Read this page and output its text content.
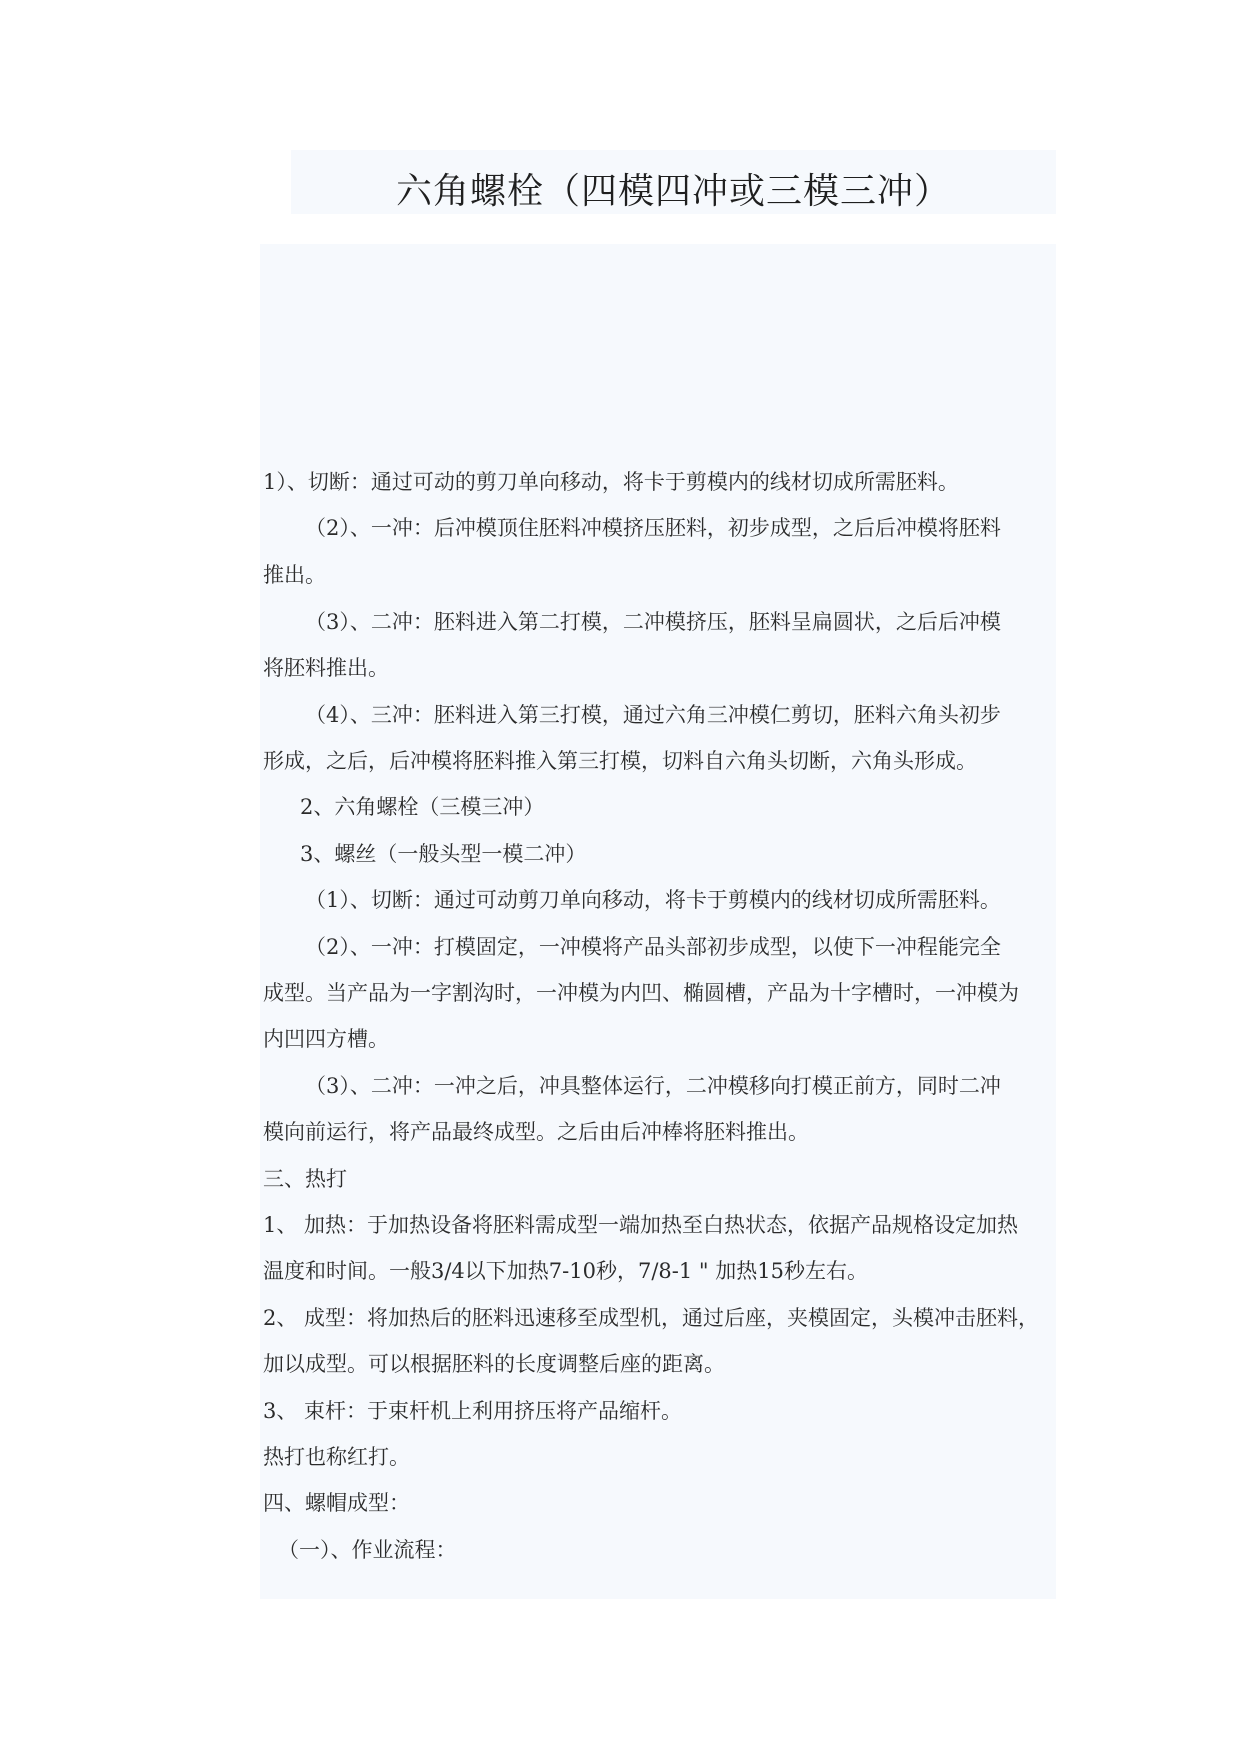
六角螺栓（四模四冲或三模三冲）
1）、切断：通过可动的剪刀单向移动，将卡于剪模内的线材切成所需胚料。
（2）、一冲：后冲模顶住胚料冲模挤压胚料，初步成型，之后后冲模将胚料
推出。
（3）、二冲：胚料进入第二打模，二冲模挤压，胚料呈扁圆状，之后后冲模
将胚料推出。
（4）、三冲：胚料进入第三打模，通过六角三冲模仁剪切，胚料六角头初步
形成，之后，后冲模将胚料推入第三打模，切料自六角头切断，六角头形成。
2、六角螺栓（三模三冲）
3、螺丝（一般头型一模二冲）
（1）、切断：通过可动剪刀单向移动，将卡于剪模内的线材切成所需胚料。
（2）、一冲：打模固定，一冲模将产品头部初步成型，以使下一冲程能完全
成型。当产品为一字割沟时，一冲模为内凹、椭圆槽，产品为十字槽时，一冲模为
内凹四方槽。
（3）、二冲：一冲之后，冲具整体运行，二冲模移向打模正前方，同时二冲
模向前运行，将产品最终成型。之后由后冲棒将胚料推出。
三、热打
1、 加热：于加热设备将胚料需成型一端加热至白热状态，依据产品规格设定加热
温度和时间。一般3/4以下加热7-10秒，7/8-1 " 加热15秒左右。
2、 成型：将加热后的胚料迅速移至成型机，通过后座，夹模固定，头模冲击胚料，
加以成型。可以根据胚料的长度调整后座的距离。
3、 束杆：于束杆机上利用挤压将产品缩杆。
热打也称红打。
四、螺帽成型：
（一）、作业流程：
